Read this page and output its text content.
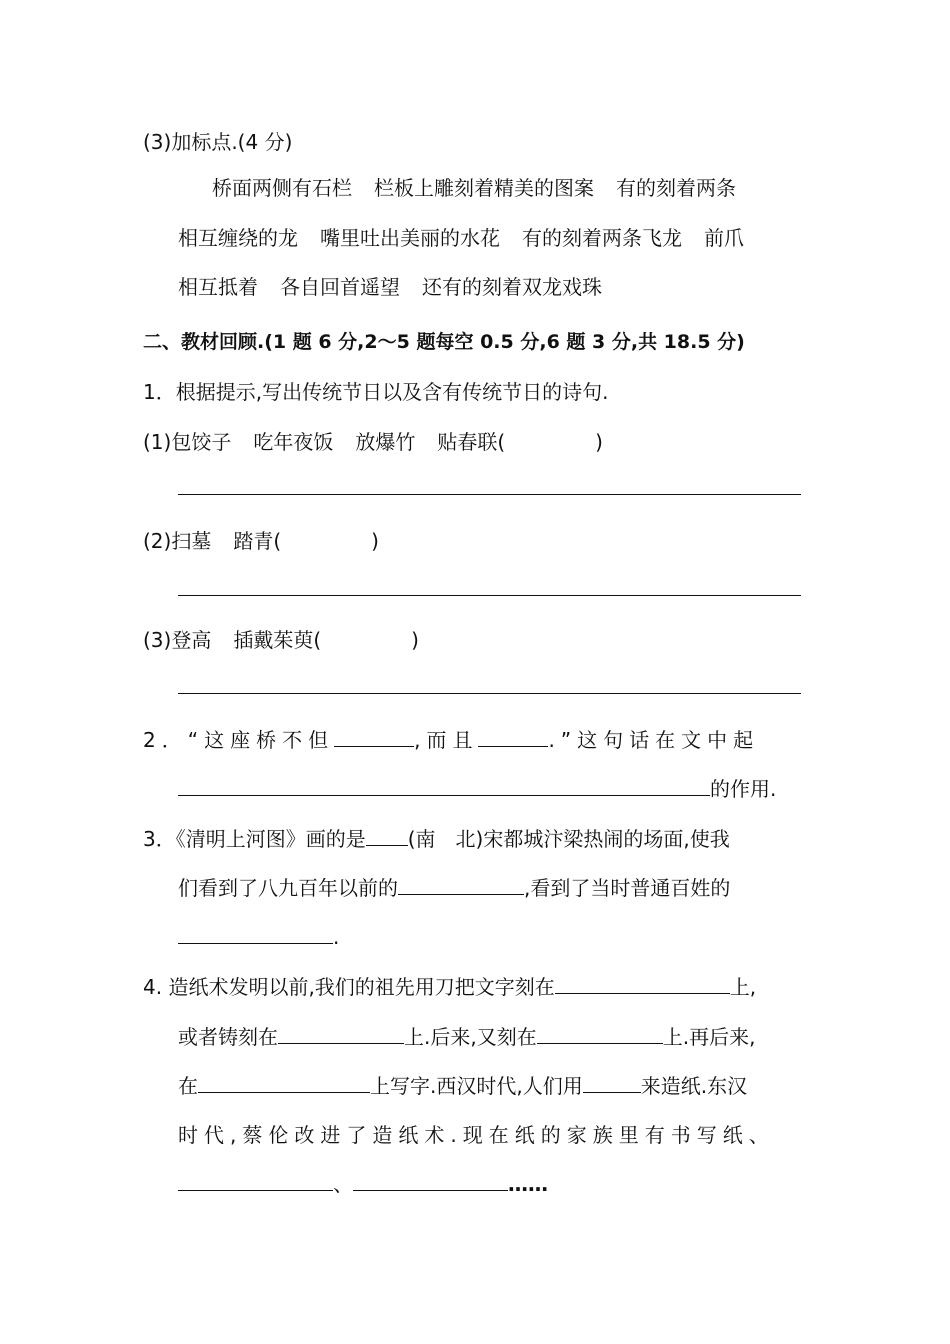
(3)加标点.(4 分)
桥面两侧有石栏 栏板上雕刻着精美的图案 有的刻着两条
相互缠绕的龙 嘴里吐出美丽的水花 有的刻着两条飞龙 前爪
相互抵着 各自回首遥望 还有的刻着双龙戏珠
二、教材回顾.(1 题 6 分,2～5 题每空 0.5 分,6 题 3 分,共 18.5 分)
1．根据提示,写出传统节日以及含有传统节日的诗句.
(1)包饺子 吃年夜饭 放爆竹 贴春联(	)
(2)扫墓 踏青(	)
(3)登高 插戴茱萸(	)
2．“这座桥不但	,而且	.”这句话在文中起
的作用.
3．《清明上河图》画的是 (南　北)宋都城汴梁热闹的场面,使我
们看到了八九百年以前的	,看到了当时普通百姓的
.
4. 造纸术发明以前,我们的祖先用刀把文字刻在	上,
或者铸刻在	上.后来,又刻在	上.再后来,
在	上写字.西汉时代,人们用	来造纸.东汉
时代,蔡伦改进了造纸术.现在纸的家族里有书写纸、
、	……
